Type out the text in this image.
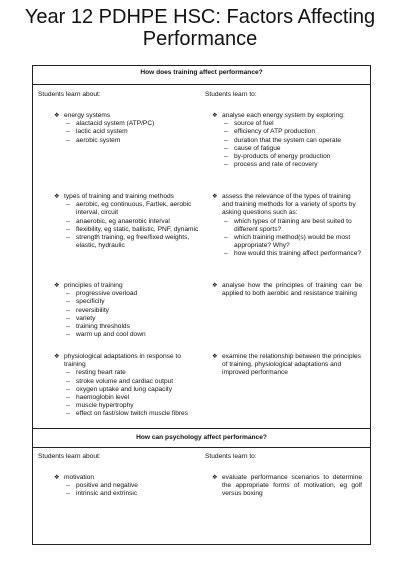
Year 12 PDHPE HSC: Factors Affecting
Performance
How does training affect performance?
Students learn about:	Students learn to:
❖ energy systems
– alactacid system (ATP/PC)
– lactic acid system
– aerobic system
❖ types of training and training methods
– aerobic, eg continuous, Fartlek, aerobic interval, circuit
– anaerobic, eg anaerobic interval
– flexibility, eg static, ballistic, PNF, dynamic
– strength training, eg free/fixed weights, elastic, hydraulic
❖ principles of training
– progressive overload
– specificity
– reversibility
– variety
– training thresholds
– warm up and cool down
❖ physiological adaptations in response to training
– resting heart rate
– stroke volume and cardiac output
– oxygen uptake and lung capacity
– haemoglobin level
– muscle hypertrophy
– effect on fast/slow twitch muscle fibres
❖ analyse each energy system by exploring:
– source of fuel
– efficiency of ATP production
– duration that the system can operate
– cause of fatigue
– by-products of energy production
– process and rate of recovery
❖ assess the relevance of the types of training and training methods for a variety of sports by asking questions such as:
– which types of training are best suited to different sports?
– which training method(s) would be most appropriate? Why?
– how would this training affect performance?
❖ analyse how the principles of training can be applied to both aerobic and resistance training
❖ examine the relationship between the principles of training, physiological adaptations and improved performance
How can psychology affect performance?
Students learn about:	Students learn to:
❖ motivation
– positive and negative
– intrinsic and extrinsic
❖ evaluate performance scenarios to determine the appropriate forms of motivation, eg golf versus boxing
